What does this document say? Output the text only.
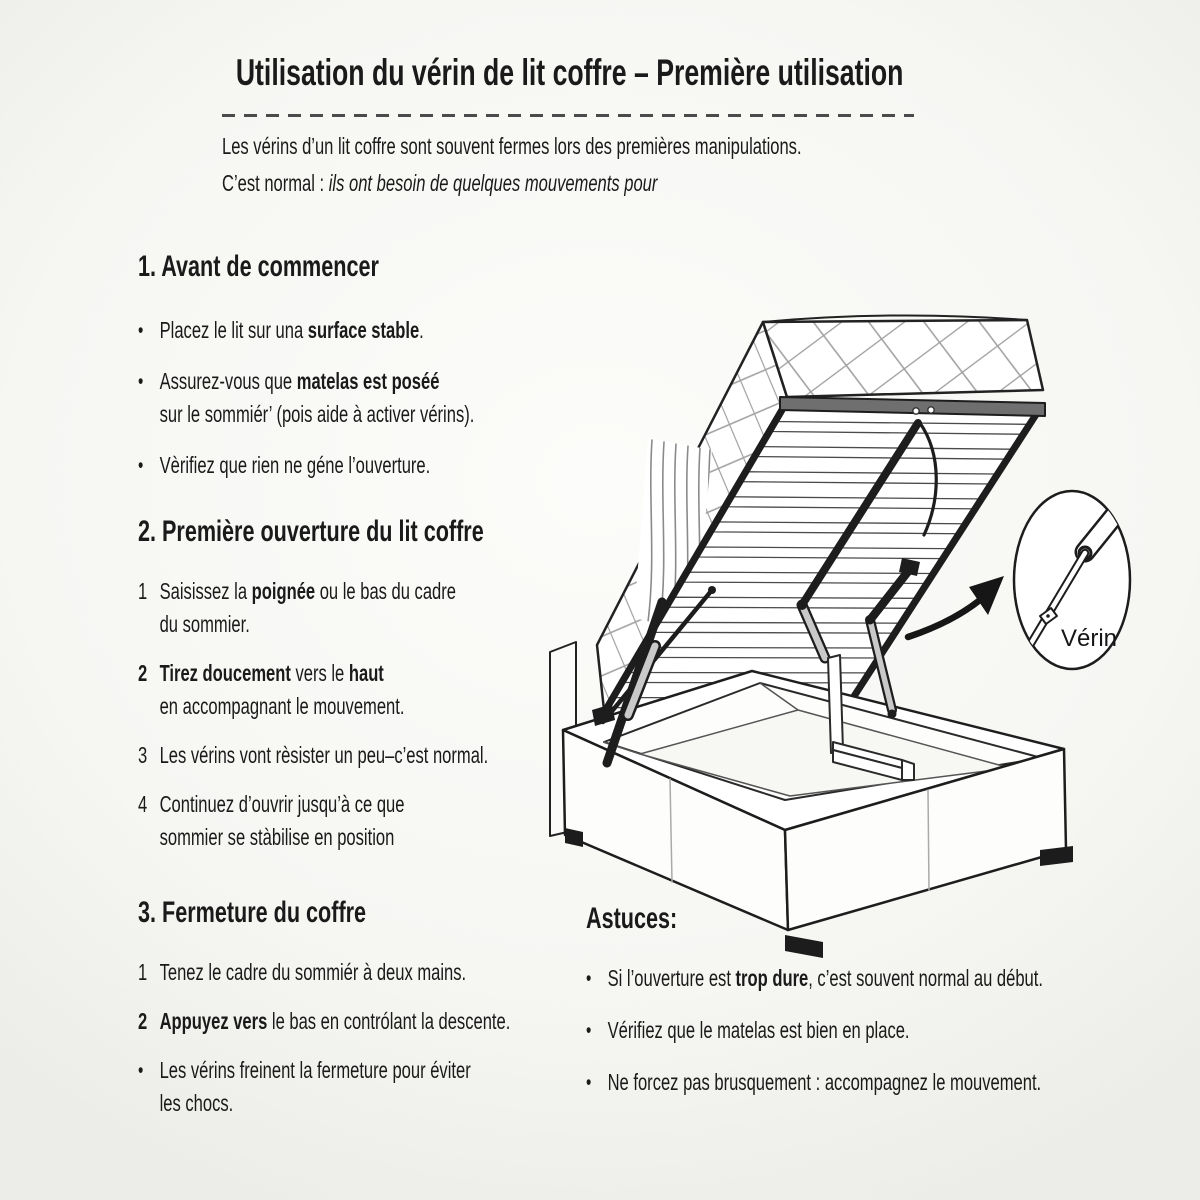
Utilisation du vérin de lit coffre – Première utilisation
Les vérins d’un lit coffre sont souvent fermes lors des premières manipulations.
C’est normal : ils ont besoin de quelques mouvements pour
1. Avant de commencer
• Placez le lit sur una surface stable.
• Assurez-vous que matelas est poséé
sur le sommiér’ (pois aide à activer vérins).
• Vèrifiez que rien ne géne l’ouverture.
2. Première ouverture du lit coffre
1 Saisissez la poignée ou le bas du cadre
du sommier.
2 Tirez doucement vers le haut
en accompagnant le mouvement.
3 Les vérins vont rèsister un peu–c’est normal.
4 Continuez d’ouvrir jusqu’à ce que
sommier se stàbilise en position
3. Fermeture du coffre
1 Tenez le cadre du sommiér à deux mains.
2 Appuyez vers le bas en contrólant la descente.
• Les vérins freinent la fermeture pour éviter
les chocs.
Astuces:
• Si l’ouverture est trop dure, c’est souvent normal au début.
• Vérifiez que le matelas est bien en place.
• Ne forcez pas brusquement : accompagnez le mouvement.
Vérin
